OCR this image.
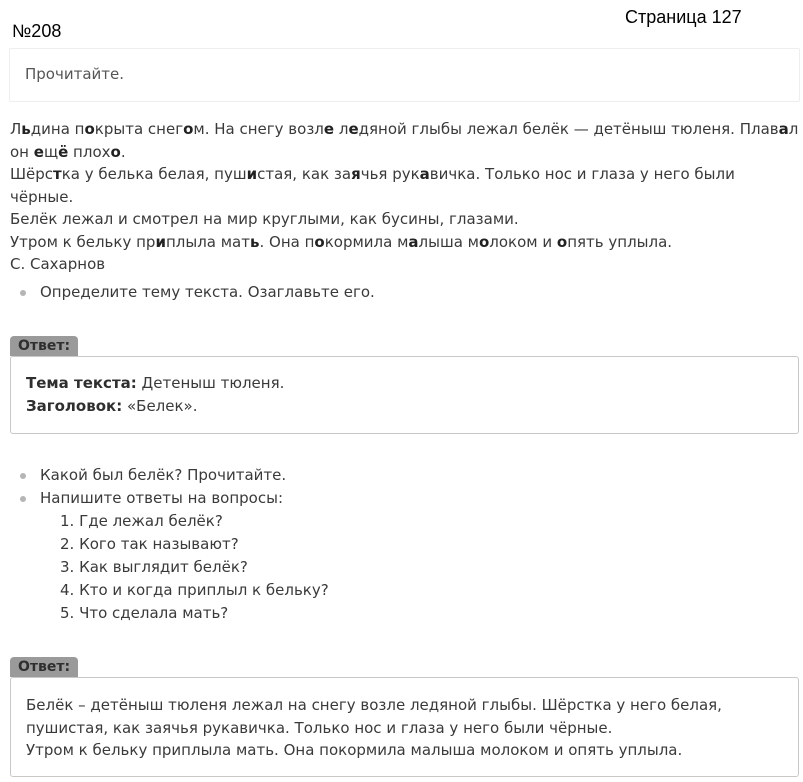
№208
Страница 127
Прочитайте.

Льдина покрыта снегом. На снегу возле ледяной глыбы лежал белёк — детёныш тюленя. Плавал он ещё плохо.

Шёрстка у белька белая, пушистая, как заячья рукавичка. Только нос и глаза у него были чёрные.

Белёк лежал и смотрел на мир круглыми, как бусины, глазами.

Утром к бельку приплыла мать. Она покормила малыша молоком и опять уплыла.

С. Сахарнов

Определите тему текста. Озаглавьте его.
Ответ:

Тема текста: Детеныш тюленя.

Заголовок: «Белек».

Какой был белёк? Прочитайте.
Напишите ответы на вопросы:
1. Где лежал белёк?
2. Кого так называют?
3. Как выглядит белёк?
4. Кто и когда приплыл к бельку?
5. Что сделала мать?
Ответ:

Белёк – детёныш тюленя лежал на снегу возле ледяной глыбы. Шёрстка у него белая, пушистая, как заячья рукавичка. Только нос и глаза у него были чёрные.

Утром к бельку приплыла мать. Она покормила малыша молоком и опять уплыла.
